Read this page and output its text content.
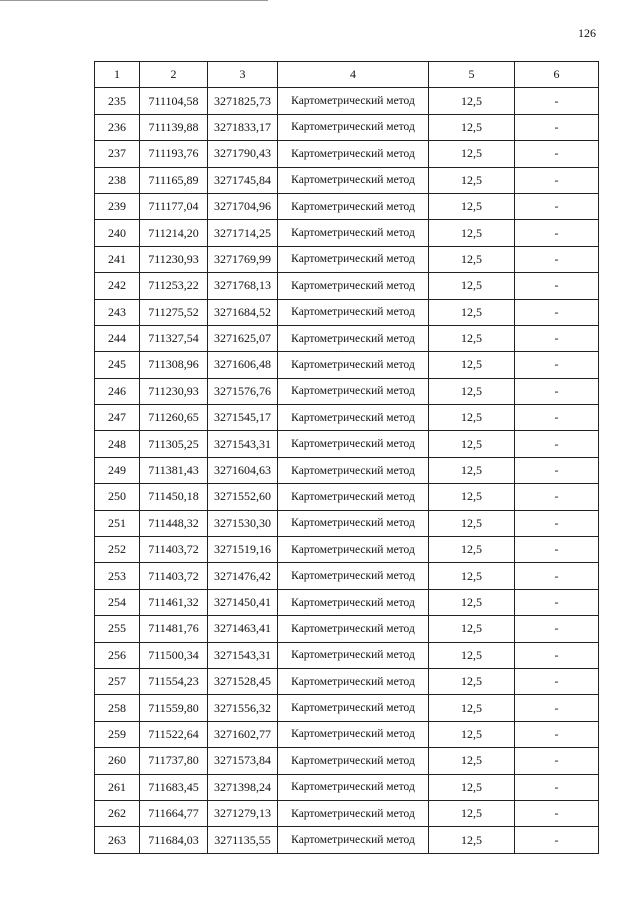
126
1	2	3	4	5	6
235	711104,58	3271825,73	Картометрический метод	12,5	-
236	711139,88	3271833,17	Картометрический метод	12,5	-
237	711193,76	3271790,43	Картометрический метод	12,5	-
238	711165,89	3271745,84	Картометрический метод	12,5	-
239	711177,04	3271704,96	Картометрический метод	12,5	-
240	711214,20	3271714,25	Картометрический метод	12,5	-
241	711230,93	3271769,99	Картометрический метод	12,5	-
242	711253,22	3271768,13	Картометрический метод	12,5	-
243	711275,52	3271684,52	Картометрический метод	12,5	-
244	711327,54	3271625,07	Картометрический метод	12,5	-
245	711308,96	3271606,48	Картометрический метод	12,5	-
246	711230,93	3271576,76	Картометрический метод	12,5	-
247	711260,65	3271545,17	Картометрический метод	12,5	-
248	711305,25	3271543,31	Картометрический метод	12,5	-
249	711381,43	3271604,63	Картометрический метод	12,5	-
250	711450,18	3271552,60	Картометрический метод	12,5	-
251	711448,32	3271530,30	Картометрический метод	12,5	-
252	711403,72	3271519,16	Картометрический метод	12,5	-
253	711403,72	3271476,42	Картометрический метод	12,5	-
254	711461,32	3271450,41	Картометрический метод	12,5	-
255	711481,76	3271463,41	Картометрический метод	12,5	-
256	711500,34	3271543,31	Картометрический метод	12,5	-
257	711554,23	3271528,45	Картометрический метод	12,5	-
258	711559,80	3271556,32	Картометрический метод	12,5	-
259	711522,64	3271602,77	Картометрический метод	12,5	-
260	711737,80	3271573,84	Картометрический метод	12,5	-
261	711683,45	3271398,24	Картометрический метод	12,5	-
262	711664,77	3271279,13	Картометрический метод	12,5	-
263	711684,03	3271135,55	Картометрический метод	12,5	-
